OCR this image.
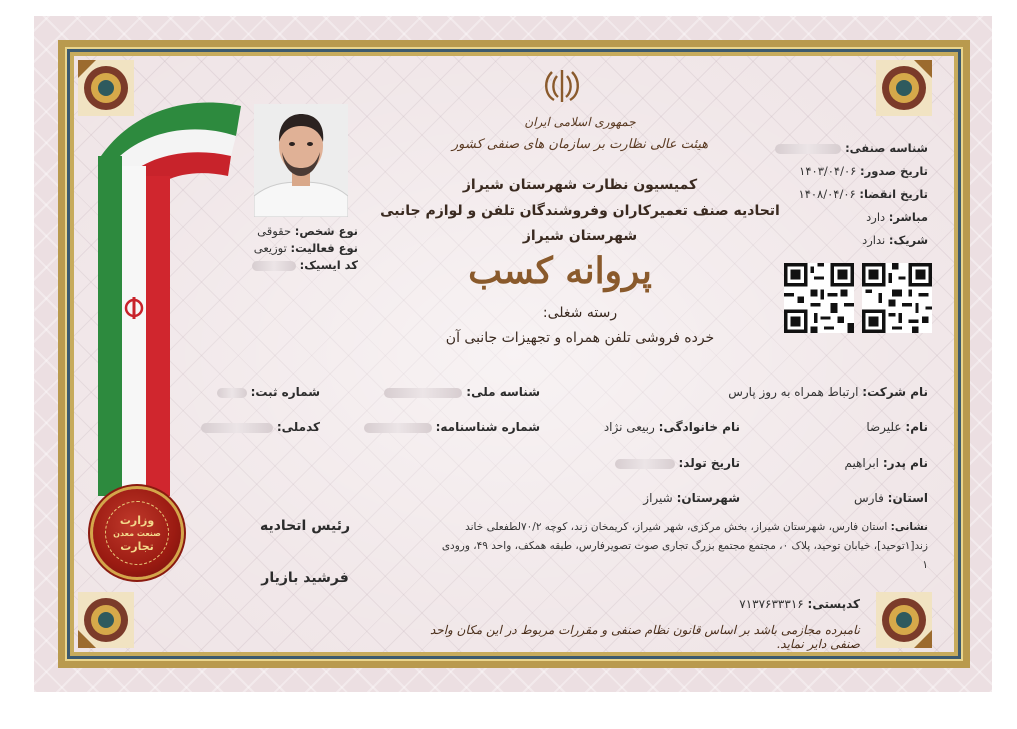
وزارت
صنعت معدن
تجارت
نوع شخص: حقوقی
نوع فعالیت: توزیعی
کد ایسیک:
جمهوری اسلامی ایران
هیئت عالی نظارت بر سازمان های صنفی کشور
کمیسیون نظارت شهرستان شیراز
اتحادیه صنف تعمیرکاران وفروشندگان تلفن و لوازم جانبی
شهرستان شیراز
پروانه کسب
رسته شغلی:
خرده فروشی تلفن همراه و تجهیزات جانبی آن
شناسه صنفی:
تاریخ صدور: ۱۴۰۳/۰۴/۰۶
تاریخ انقضا: ۱۴۰۸/۰۴/۰۶
مباشر: دارد
شریک: ندارد
نام شرکت: ارتباط همراه به روز پارس
شناسه ملی:
شماره ثبت:
نام: علیرضا
نام خانوادگی: ربیعی نژاد
شماره شناسنامه:
کدملی:
نام پدر: ابراهیم
تاریخ تولد:
استان: فارس
شهرستان: شیراز
نشانی: استان فارس، شهرستان شیراز، بخش مرکزی، شهر شیراز، کریمخان زند، کوچه ۷۰/۲لطفعلی خاند زند[۱توحید]، خیابان توحید، پلاک ۰، مجتمع مجتمع بزرگ تجاری صوت تصویرفارس، طبقه همکف، واحد ۴۹، ورودی ۱
کدپستی: ۷۱۳۷۶۳۳۳۱۶
رئیس اتحادیه
فرشید بازیار
نامبرده مجازمی باشد بر اساس قانون نظام صنفی و مقررات مربوط در این مکان واحد صنفی دایر نماید.
